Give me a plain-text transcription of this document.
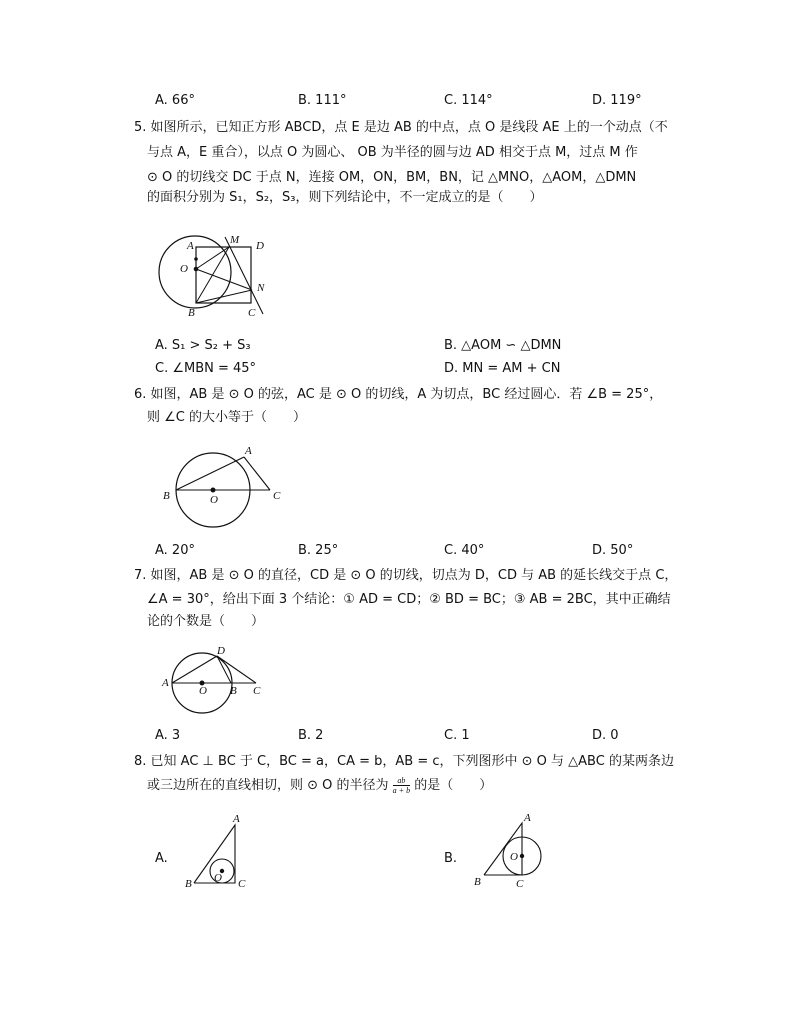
A. 66°	B. 111°	C. 114°	D. 119°
5. 如图所示，已知正方形 ABCD，点 E 是边 AB 的中点，点 O 是线段 AE 上的一个动点（不
与点 A，E 重合），以点 O 为圆心、 OB 为半径的圆与边 AD 相交于点 M，过点 M 作
⊙ O 的切线交 DC 于点 N，连接 OM，ON，BM，BN，记 △MNO，△AOM，△DMN
的面积分别为 S₁，S₂，S₃，则下列结论中，不一定成立的是（　　）
A	M D
O
N
B	C
A. S₁ > S₂ + S₃	B. △AOM ∽ △DMN
C. ∠MBN = 45°	D. MN = AM + CN
6. 如图，AB 是 ⊙ O 的弦，AC 是 ⊙ O 的切线，A 为切点，BC 经过圆心．若 ∠B = 25°，
则 ∠C 的大小等于（　　）
A
B	O	C
A. 20°	B. 25°	C. 40°	D. 50°
7. 如图，AB 是 ⊙ O 的直径，CD 是 ⊙ O 的切线，切点为 D，CD 与 AB 的延长线交于点 C，
∠A = 30°，给出下面 3 个结论：① AD = CD；② BD = BC；③ AB = 2BC，其中正确结
论的个数是（　　）
D
A
O B C
A. 3	B. 2	C. 1	D. 0
8. 已知 AC ⊥ BC 于 C，BC = a，CA = b，AB = c，下列图形中 ⊙ O 与 △ABC 的某两条边
或三边所在的直线相切，则 ⊙ O 的半径为 $\frac{ab}{a + b}$ 的是（　　）
A.
A
O
B	C
B.
A
O
B	C
